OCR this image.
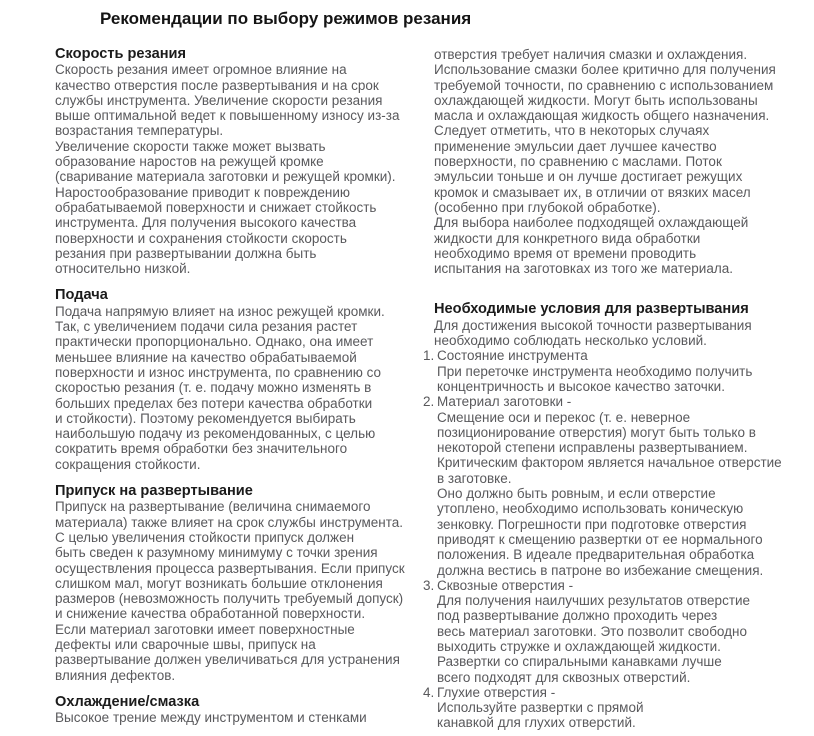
Рекомендации по выбору режимов резания
Скорость резания
Скорость резания имеет огромное влияние на
качество отверстия после развертывания и на срок
службы инструмента. Увеличение скорости резания
выше оптимальной ведет к повышенному износу из-за
возрастания температуры.
Увеличение скорости также может вызвать
образование наростов на режущей кромке
(сваривание материала заготовки и режущей кромки).
Наростообразование приводит к повреждению
обрабатываемой поверхности и снижает стойкость
инструмента. Для получения высокого качества
поверхности и сохранения стойкости скорость
резания при развертывании должна быть
относительно низкой.
Подача
Подача напрямую влияет на износ режущей кромки.
Так, с увеличением подачи сила резания растет
практически пропорционально. Однако, она имеет
меньшее влияние на качество обрабатываемой
поверхности и износ инструмента, по сравнению со
скоростью резания (т. е. подачу можно изменять в
больших пределах без потери качества обработки
и стойкости). Поэтому рекомендуется выбирать
наибольшую подачу из рекомендованных, с целью
сократить время обработки без значительного
сокращения стойкости.
Припуск на развертывание
Припуск на развертывание (величина снимаемого
материала) также влияет на срок службы инструмента.
С целью увеличения стойкости припуск должен
быть сведен к разумному минимуму с точки зрения
осуществления процесса развертывания. Если припуск
слишком мал, могут возникать большие отклонения
размеров (невозможность получить требуемый допуск)
и снижение качества обработанной поверхности.
Если материал заготовки имеет поверхностные
дефекты или сварочные швы, припуск на
развертывание должен увеличиваться для устранения
влияния дефектов.
Охлаждение/смазка
Высокое трение между инструментом и стенками
отверстия требует наличия смазки и охлаждения.
Использование смазки более критично для получения
требуемой точности, по сравнению с использованием
охлаждающей жидкости. Могут быть использованы
масла и охлаждающая жидкость общего назначения.
Следует отметить, что в некоторых случаях
применение эмульсии дает лучшее качество
поверхности, по сравнению с маслами. Поток
эмульсии тоньше и он лучше достигает режущих
кромок и смазывает их, в отличии от вязких масел
(особенно при глубокой обработке).
Для выбора наиболее подходящей охлаждающей
жидкости для конкретного вида обработки
необходимо время от времени проводить
испытания на заготовках из того же материала.
Необходимые условия для развертывания
Для достижения высокой точности развертывания
необходимо соблюдать несколько условий.
1. Состояние инструмента
При переточке инструмента необходимо получить
концентричность и высокое качество заточки.
2. Материал заготовки -
Смещение оси и перекос (т. е. неверное
позиционирование отверстия) могут быть только в
некоторой степени исправлены развертыванием.
Критическим фактором является начальное отверстие
в заготовке.
Оно должно быть ровным, и если отверстие
утоплено, необходимо использовать коническую
зенковку. Погрешности при подготовке отверстия
приводят к смещению развертки от ее нормального
положения. В идеале предварительная обработка
должна вестись в патроне во избежание смещения.
3. Сквозные отверстия -
Для получения наилучших результатов отверстие
под развертывание должно проходить через
весь материал заготовки. Это позволит свободно
выходить стружке и охлаждающей жидкости.
Развертки со спиральными канавками лучше
всего подходят для сквозных отверстий.
4. Глухие отверстия -
Используйте развертки с прямой
канавкой для глухих отверстий.
